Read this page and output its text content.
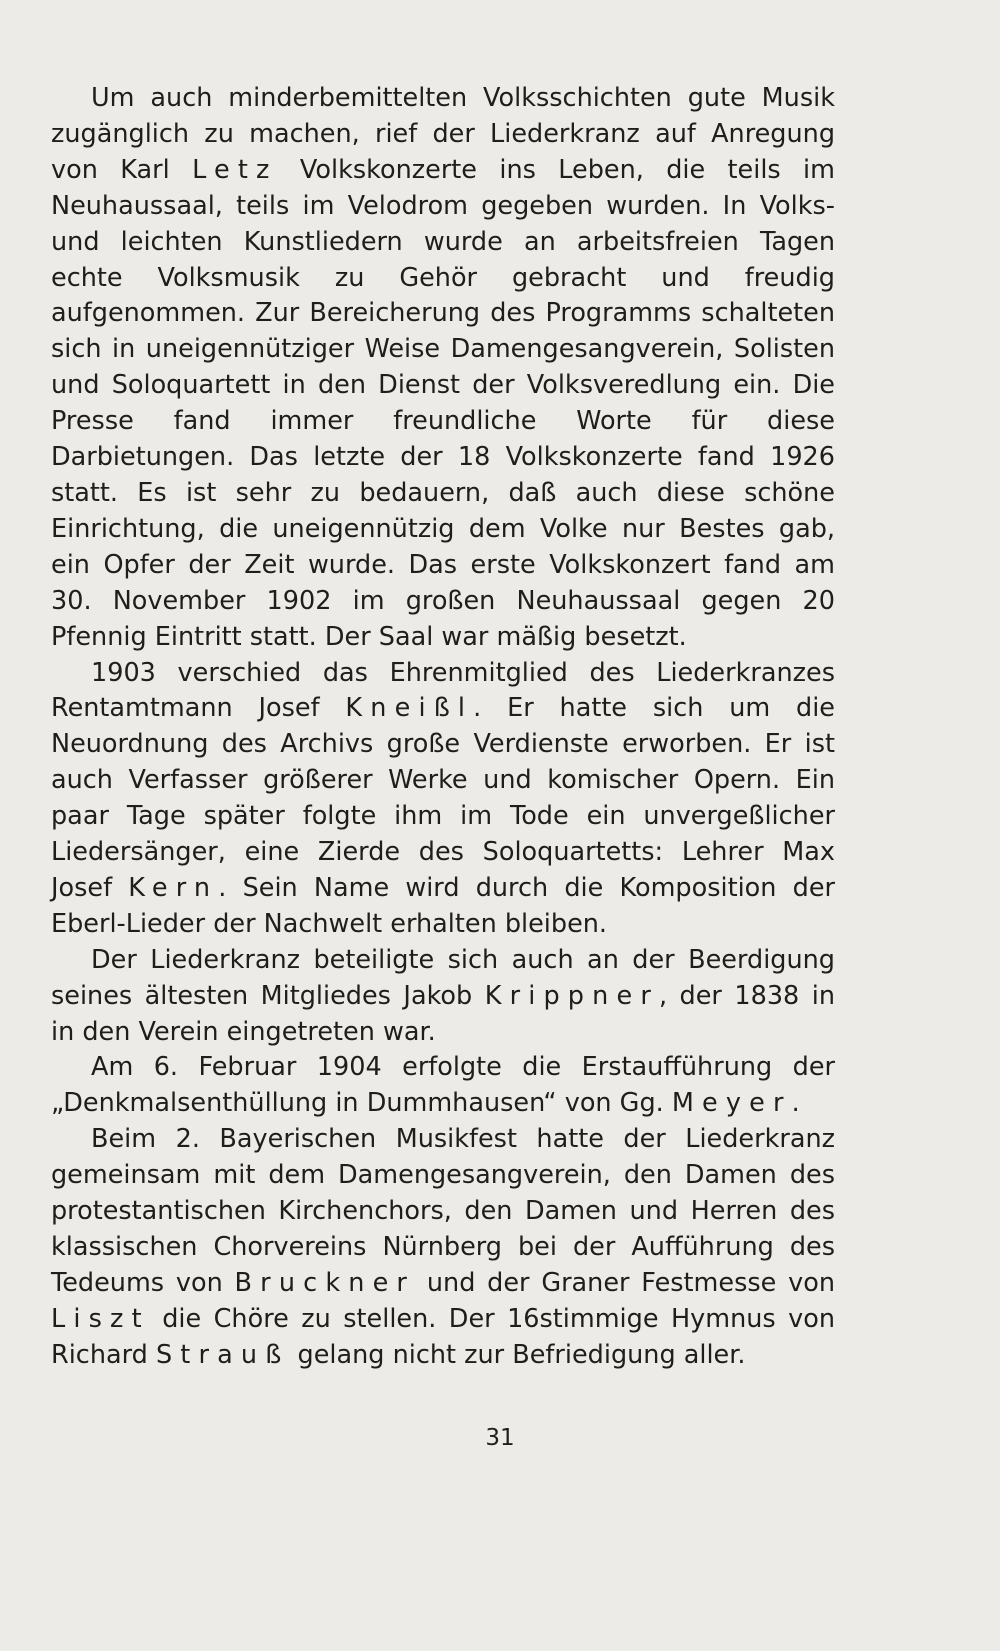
Um auch minderbemittelten Volksschichten gute Musik zugänglich zu machen, rief der Liederkranz auf Anregung von Karl Letz Volkskonzerte ins Leben, die teils im Neuhaussaal, teils im Velodrom gegeben wurden. In Volks- und leichten Kunstliedern wurde an arbeitsfreien Tagen echte Volksmusik zu Gehör gebracht und freudig aufgenommen. Zur Bereicherung des Programms schalteten sich in uneigennütziger Weise Damengesangverein, Solisten und Soloquartett in den Dienst der Volksveredlung ein. Die Presse fand immer freundliche Worte für diese Darbietungen. Das letzte der 18 Volkskonzerte fand 1926 statt. Es ist sehr zu bedauern, daß auch diese schöne Einrichtung, die uneigennützig dem Volke nur Bestes gab, ein Opfer der Zeit wurde. Das erste Volkskonzert fand am 30. November 1902 im großen Neuhaussaal gegen 20 Pfennig Eintritt statt. Der Saal war mäßig besetzt.

1903 verschied das Ehrenmitglied des Liederkranzes Rentamtmann Josef Kneißl. Er hatte sich um die Neuordnung des Archivs große Verdienste erworben. Er ist auch Verfasser größerer Werke und komischer Opern. Ein paar Tage später folgte ihm im Tode ein unvergeßlicher Liedersänger, eine Zierde des Soloquartetts: Lehrer Max Josef Kern. Sein Name wird durch die Komposition der Eberl-Lieder der Nachwelt erhalten bleiben.

Der Liederkranz beteiligte sich auch an der Beerdigung seines ältesten Mitgliedes Jakob Krippner, der 1838 in in den Verein eingetreten war.

Am 6. Februar 1904 erfolgte die Erstaufführung der „Denkmalsenthüllung in Dummhausen“ von Gg. Meyer.

Beim 2. Bayerischen Musikfest hatte der Liederkranz gemeinsam mit dem Damengesangverein, den Damen des protestantischen Kirchenchors, den Damen und Herren des klassischen Chorvereins Nürnberg bei der Aufführung des Tedeums von Bruckner und der Graner Festmesse von Liszt die Chöre zu stellen. Der 16stimmige Hymnus von Richard Strauß gelang nicht zur Befriedigung aller.

31
